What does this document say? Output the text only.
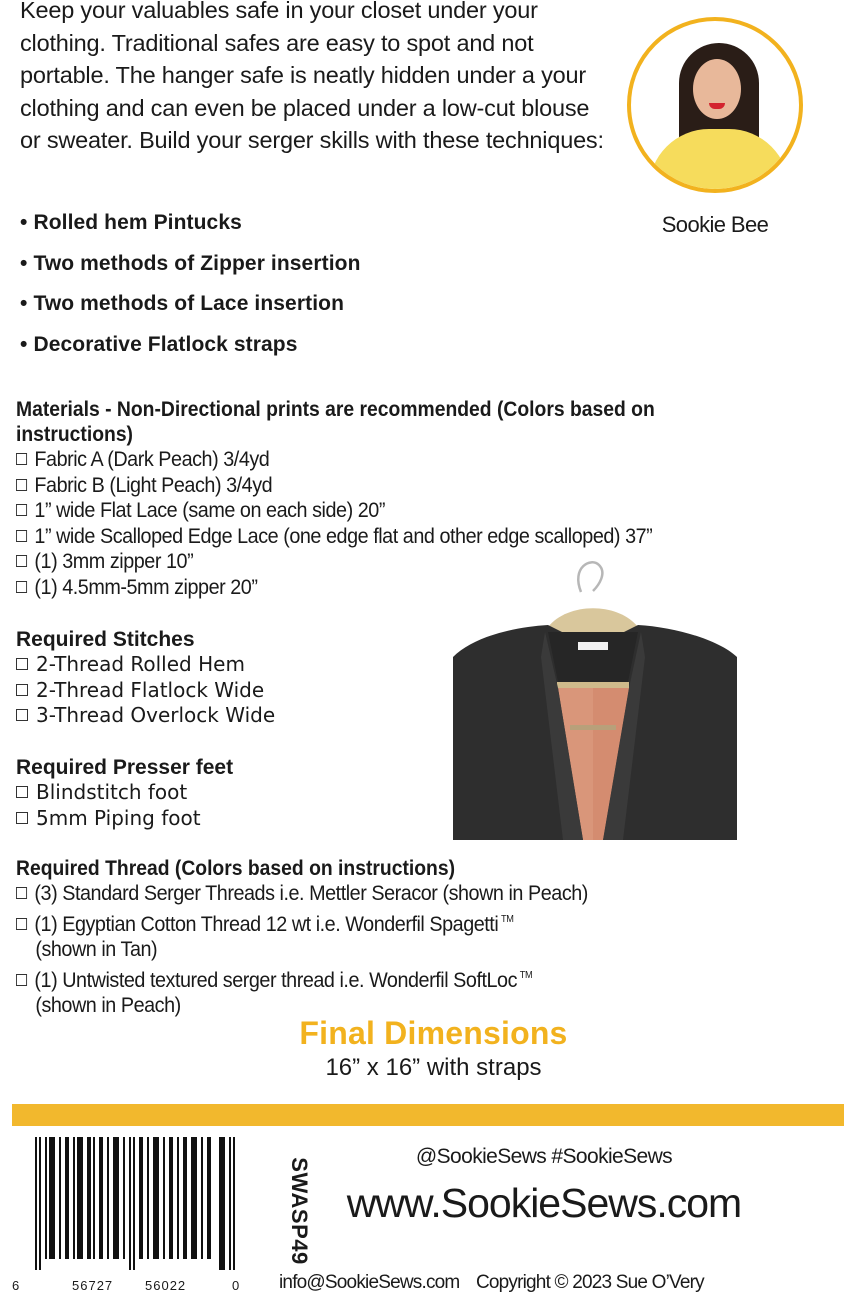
Keep your valuables safe in your closet under your clothing. Traditional safes are easy to spot and not portable. The hanger safe is neatly hidden under a your clothing and can even be placed under a low-cut blouse or sweater. Build your serger skills with these techniques:
• Rolled hem Pintucks
• Two methods of Zipper insertion
• Two methods of Lace insertion
• Decorative Flatlock straps
Sookie Bee
Materials - Non-Directional prints are recommended (Colors based on
instructions)
Fabric A (Dark Peach) 3/4yd
Fabric B (Light Peach) 3/4yd
1” wide Flat Lace (same on each side) 20”
1” wide Scalloped Edge Lace (one edge flat and other edge scalloped) 37”
(1) 3mm zipper 10”
(1) 4.5mm-5mm zipper 20”
Required Stitches
2-Thread Rolled Hem
2-Thread Flatlock Wide
3-Thread Overlock Wide
Required Presser feet
Blindstitch foot
5mm Piping foot
Required Thread (Colors based on instructions)
(3) Standard Serger Threads i.e. Mettler Seracor (shown in Peach)
(1) Egyptian Cotton Thread 12 wt i.e. Wonderfil Spagetti ™
(shown in Tan)
(1) Untwisted textured serger thread i.e. Wonderfil SoftLoc ™
(shown in Peach)
Final Dimensions
16” x 16” with straps
6	56727 56022	0
SWASP49
@SookieSews #SookieSews
www.SookieSews.com
info@SookieSews.com Copyright © 2023 Sue O’Very
